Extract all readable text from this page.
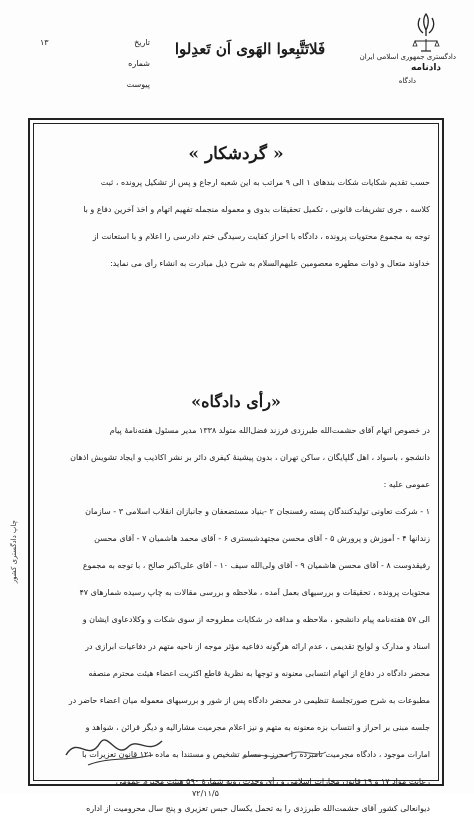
دادگستری جمهوری اسلامی ایران
دادنامه
دادگاه
فَلاتَتَّبِعوا الهَوی اَن تَعدِلوا
تاریخ
۱۳
شماره
پیوست
« گردشکار »

حسب تقدیم شکایات شکات بندهای ۱ الی ۹ مراتب به این شعبه ارجاع و پس از تشکیل پرونده ، ثبت

کلاسه ، جری تشریفات قانونی ، تکمیل تحقیقات بدوی و معموله منجمله تفهیم اتهام و اخذ آخرین دفاع و با

توجه به مجموع محتویات پرونده ، دادگاه با احراز کفایت رسیدگی ختم دادرسی را اعلام و با استعانت از

خداوند متعال و ذوات مطهره معصومین علیهم‌السلام به شرح ذیل مبادرت به انشاء رأی می نماید:

«رأی دادگاه»

در خصوص اتهام آقای حشمت‌الله طبرزدی فرزند فضل‌الله متولد ۱۳۳۸ مدیر مسئول هفته‌نامهٔ پیام

دانشجو ، باسواد ، اهل گلپایگان ، ساکن تهران ، بدون پیشینهٔ کیفری دائر بر نشر اکاذیب و ایجاد تشویش اذهان

عمومی علیه :

۱ - شرکت تعاونی تولیدکنندگان پسته رفسنجان ۲ -بنیاد مستضعفان و جانبازان انقلاب اسلامی ۳ - سازمان

زندانها ۴ - آموزش و پرورش ۵ - آقای محسن مجتهدشبستری ۶ - آقای محمد هاشمیان ۷ - آقای محسن

رفیقدوست ۸ - آقای محسن هاشمیان ۹ - آقای ولی‌الله سیف ۱۰ - آقای علی‌اکبر صالح ، با توجه به مجموع

محتویات پرونده ، تحقیقات و بررسیهای بعمل آمده ، ملاحظه و بررسی مقالات به چاپ رسیده شمارهای ۴۷

الی ۵۷ هفته‌نامه پیام دانشجو ، ملاحظه و مداقه در شکایات مطروحه از سوی شکات و وکلادعاوی ایشان و

اسناد و مدارک و لوایح تقدیمی ، عدم ارائه هرگونه دفاعیه مؤثر موجه از ناحیه متهم در دفاعیات ابرازی در

محضر دادگاه در دفاع از اتهام انتسابی معنونه و توجهاً به نظریهٔ قاطع اکثریت اعضاء هیئت محترم منصفه

مطبوعات به شرح صورتجلسهٔ تنظیمی در محضر دادگاه پس از شور و بررسیهای معموله میان اعضاء حاضر در

جلسه مبنی بر احراز و انتساب بزه معنونه به متهم و نیز اعلام مجرمیت مشارالیه و دیگر قرائن ، شواهد و

امارات موجود ، دادگاه مجرمیت نامبرده را محرز و مسلم تشخیص و مستنداً به ماده ۱۲۱ قانون تعزیرات با

رعایت مواد ۱۷ و ۱۹ قانون مجازات اسلامی و رأی وحدت رویه شمارهٔ ۵۹۰ هیئت محترم عمومی

۷۲/۱۱/۵

دیوانعالی کشور آقای حشمت‌الله طبرزدی را به تحمل یکسال حبس تعزیری و پنج سال محرومیت از اداره

چاپ دادگستری کشور
